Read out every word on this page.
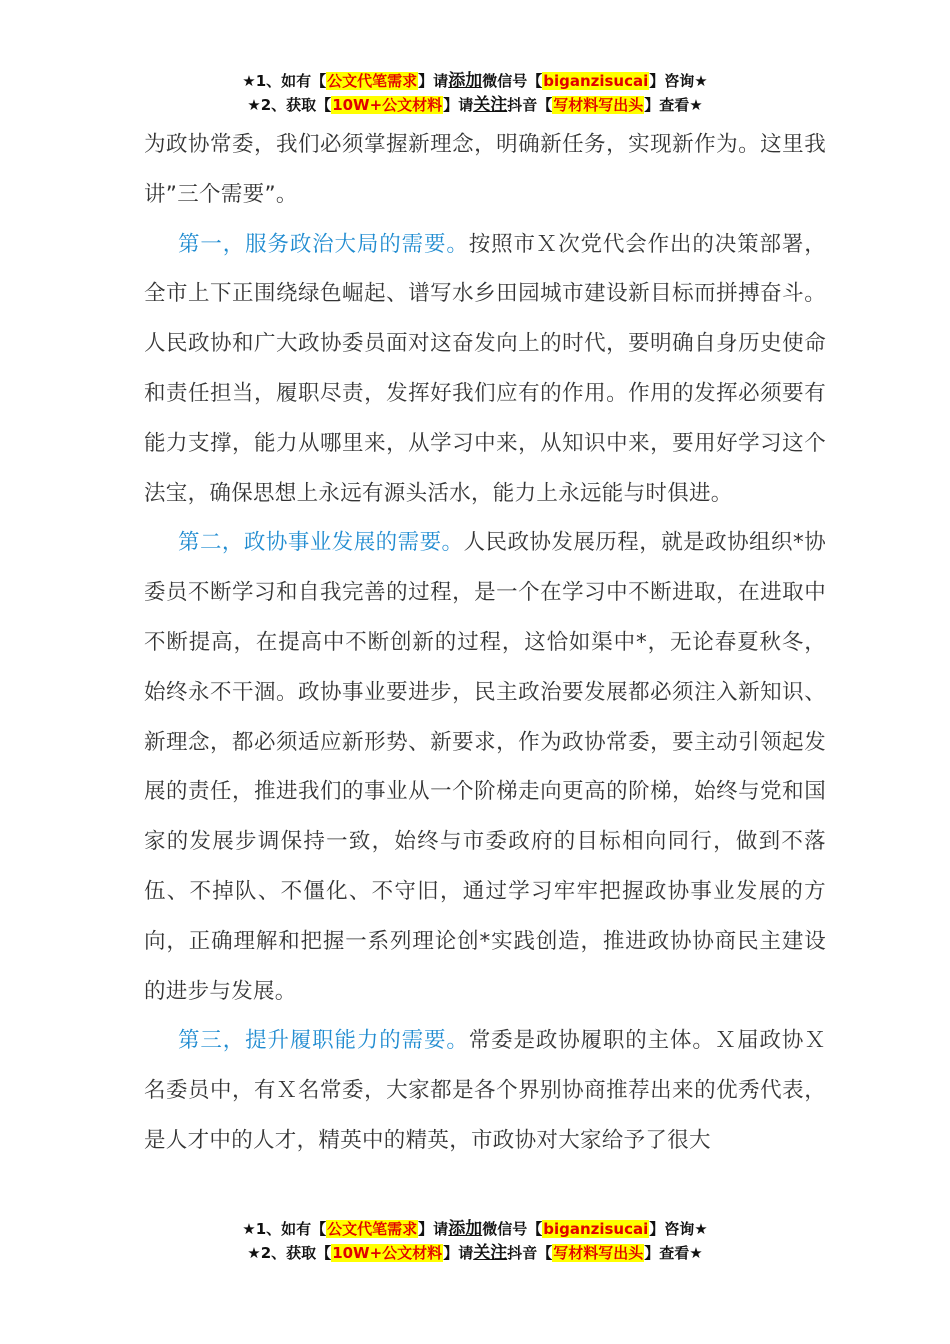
★1、如有【公文代笔需求】请添加微信号【biganzisucai】咨询★
★2、获取【10W+公文材料】请关注抖音【写材料写出头】查看★

为政协常委，我们必须掌握新理念，明确新任务，实现新作为。这里我讲”三个需要”。

第一，服务政治大局的需要。按照市Ｘ次党代会作出的决策部署，全市上下正围绕绿色崛起、谱写水乡田园城市建设新目标而拼搏奋斗。人民政协和广大政协委员面对这奋发向上的时代，要明确自身历史使命和责任担当，履职尽责，发挥好我们应有的作用。作用的发挥必须要有能力支撑，能力从哪里来，从学习中来，从知识中来，要用好学习这个法宝，确保思想上永远有源头活水，能力上永远能与时俱进。

第二，政协事业发展的需要。人民政协发展历程，就是政协组织*协委员不断学习和自我完善的过程，是一个在学习中不断进取，在进取中不断提高，在提高中不断创新的过程，这恰如渠中*，无论春夏秋冬，始终永不干涸。政协事业要进步，民主政治要发展都必须注入新知识、新理念，都必须适应新形势、新要求，作为政协常委，要主动引领起发展的责任，推进我们的事业从一个阶梯走向更高的阶梯，始终与党和国家的发展步调保持一致，始终与市委政府的目标相向同行，做到不落伍、不掉队、不僵化、不守旧，通过学习牢牢把握政协事业发展的方向，正确理解和把握一系列理论创*实践创造，推进政协协商民主建设的进步与发展。

第三，提升履职能力的需要。常委是政协履职的主体。Ｘ届政协Ｘ名委员中，有Ｘ名常委，大家都是各个界别协商推荐出来的优秀代表，是人才中的人才，精英中的精英，市政协对大家给予了很大

★1、如有【公文代笔需求】请添加微信号【biganzisucai】咨询★
★2、获取【10W+公文材料】请关注抖音【写材料写出头】查看★
